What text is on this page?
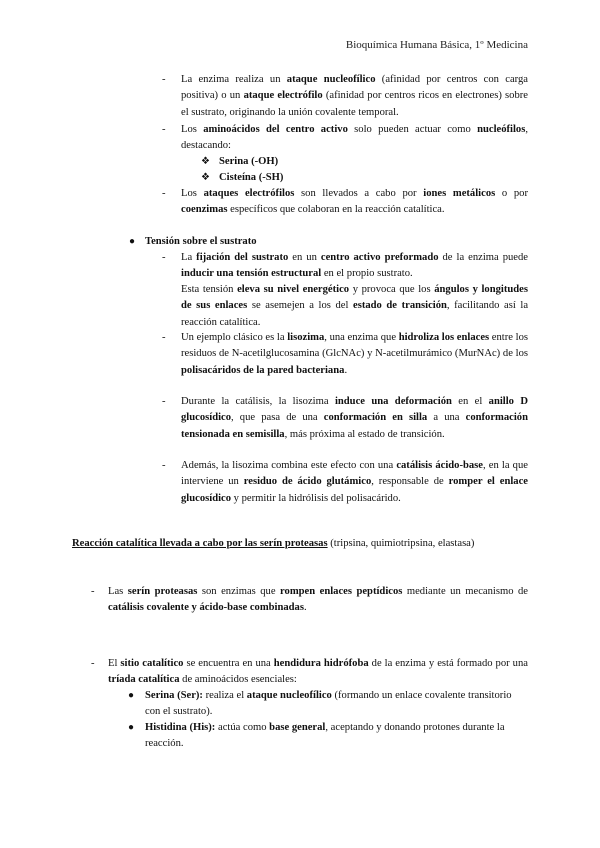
Bioquímica Humana Básica, 1º Medicina
-	La enzima realiza un ataque nucleofílico (afinidad por centros con carga positiva) o un ataque electrófilo (afinidad por centros ricos en electrones) sobre el sustrato, originando la unión covalente temporal.
-	Los aminoácidos del centro activo solo pueden actuar como nucleófilos, destacando:
❖ Serina (-OH)
❖ Cisteína (-SH)
-	Los ataques electrófilos son llevados a cabo por iones metálicos o por coenzimas específicos que colaboran en la reacción catalítica.
● Tensión sobre el sustrato
-	La fijación del sustrato en un centro activo preformado de la enzima puede inducir una tensión estructural en el propio sustrato.
Esta tensión eleva su nivel energético y provoca que los ángulos y longitudes de sus enlaces se asemejen a los del estado de transición, facilitando así la reacción catalítica.
-	Un ejemplo clásico es la lisozima, una enzima que hidroliza los enlaces entre los residuos de N-acetilglucosamina (GlcNAc) y N-acetilmurámico (MurNAc) de los polisacáridos de la pared bacteriana.
-	Durante la catálisis, la lisozima induce una deformación en el anillo D glucosídico, que pasa de una conformación en silla a una conformación tensionada en semisilla, más próxima al estado de transición.
-	Además, la lisozima combina este efecto con una catálisis ácido-base, en la que interviene un residuo de ácido glutámico, responsable de romper el enlace glucosídico y permitir la hidrólisis del polisacárido.
Reacción catalítica llevada a cabo por las serín proteasas (tripsina, quimiotripsina, elastasa)
-	Las serín proteasas son enzimas que rompen enlaces peptídicos mediante un mecanismo de catálisis covalente y ácido-base combinadas.
-	El sitio catalítico se encuentra en una hendidura hidrófoba de la enzima y está formado por una tríada catalítica de aminoácidos esenciales:
● Serina (Ser): realiza el ataque nucleofílico (formando un enlace covalente transitorio con el sustrato).
● Histidina (His): actúa como base general, aceptando y donando protones durante la reacción.
